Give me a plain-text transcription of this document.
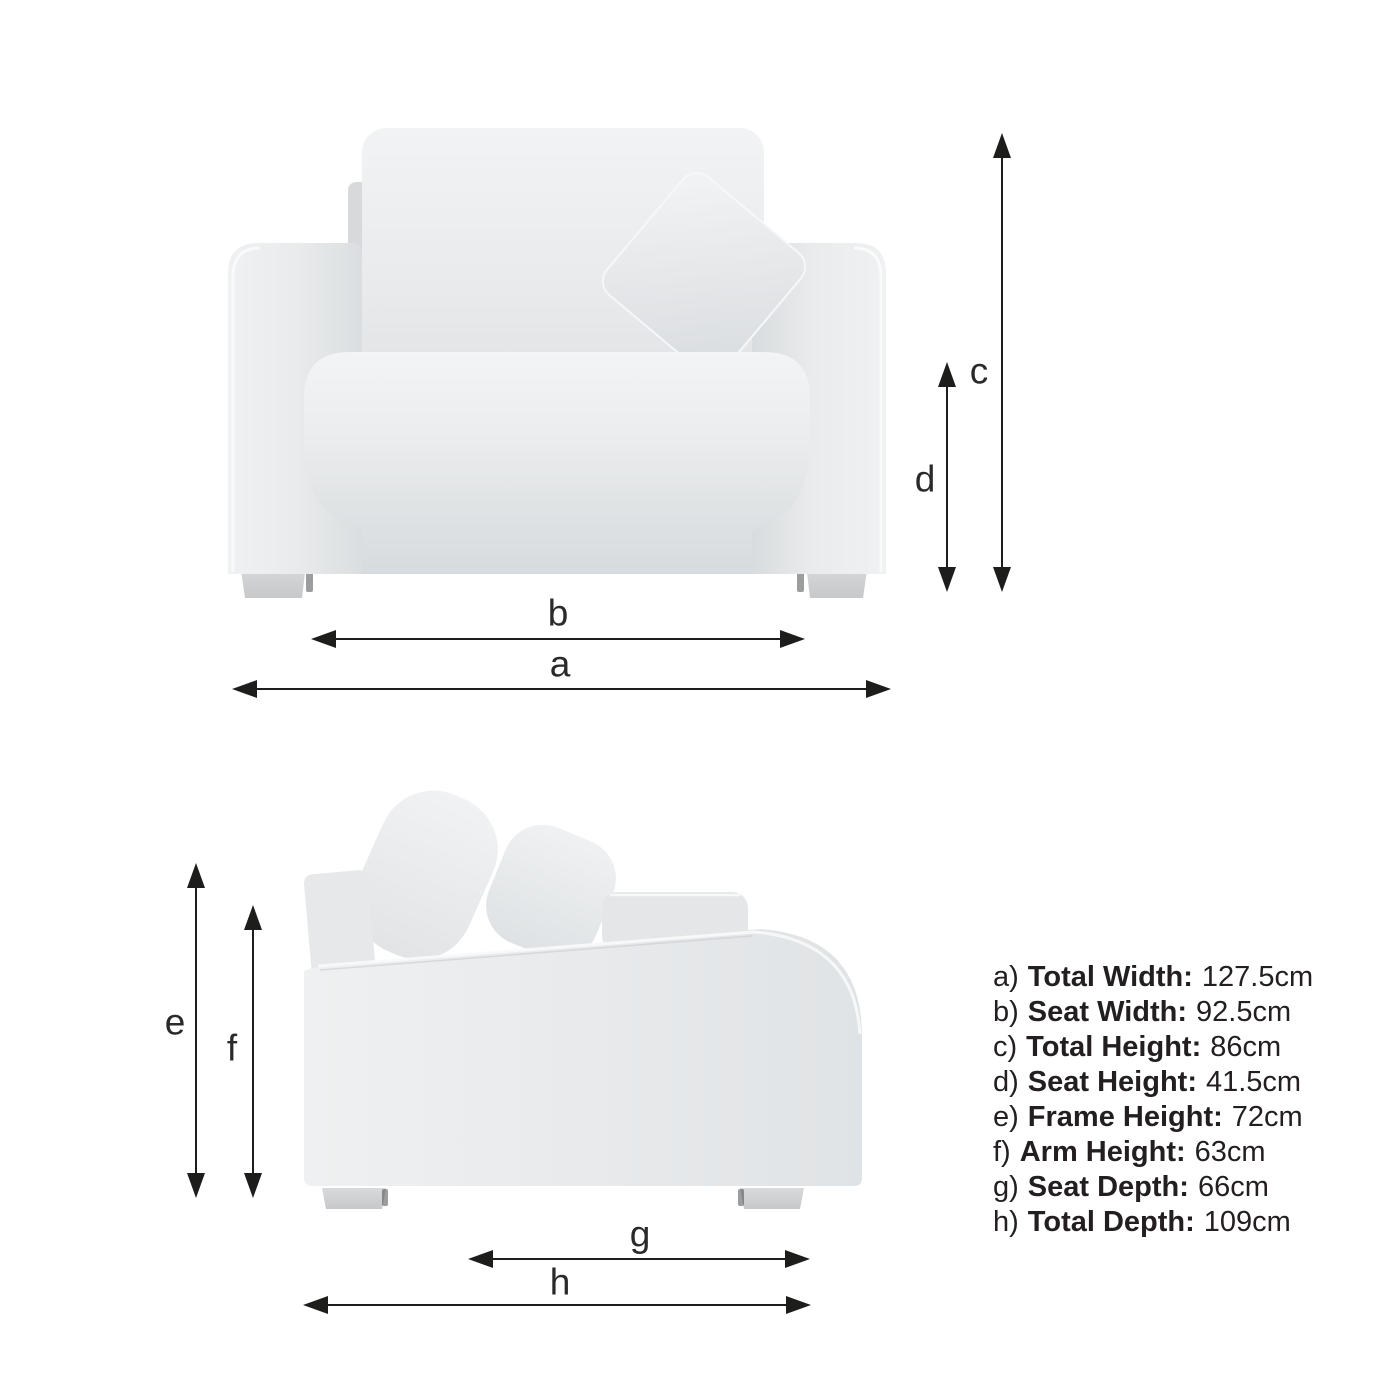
b
a
c
d
e
f
g
h
a) Total Width: 127.5cm
b) Seat Width: 92.5cm
c) Total Height: 86cm
d) Seat Height: 41.5cm
e) Frame Height: 72cm
f) Arm Height: 63cm
g) Seat Depth: 66cm
h) Total Depth: 109cm
